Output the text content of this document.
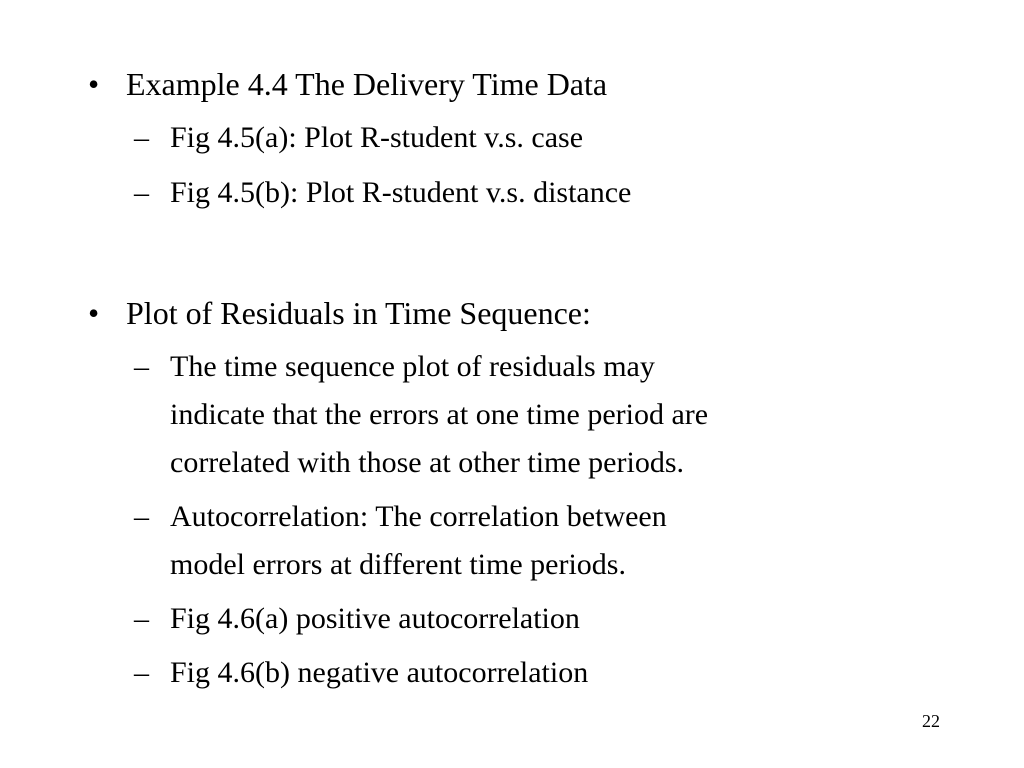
• Example 4.4 The Delivery Time Data
– Fig 4.5(a): Plot R-student v.s. case
– Fig 4.5(b): Plot R-student v.s. distance
• Plot of Residuals in Time Sequence:
– The time sequence plot of residuals may
indicate that the errors at one time period are
correlated with those at other time periods.
– Autocorrelation: The correlation between
model errors at different time periods.
– Fig 4.6(a) positive autocorrelation
– Fig 4.6(b) negative autocorrelation
22
